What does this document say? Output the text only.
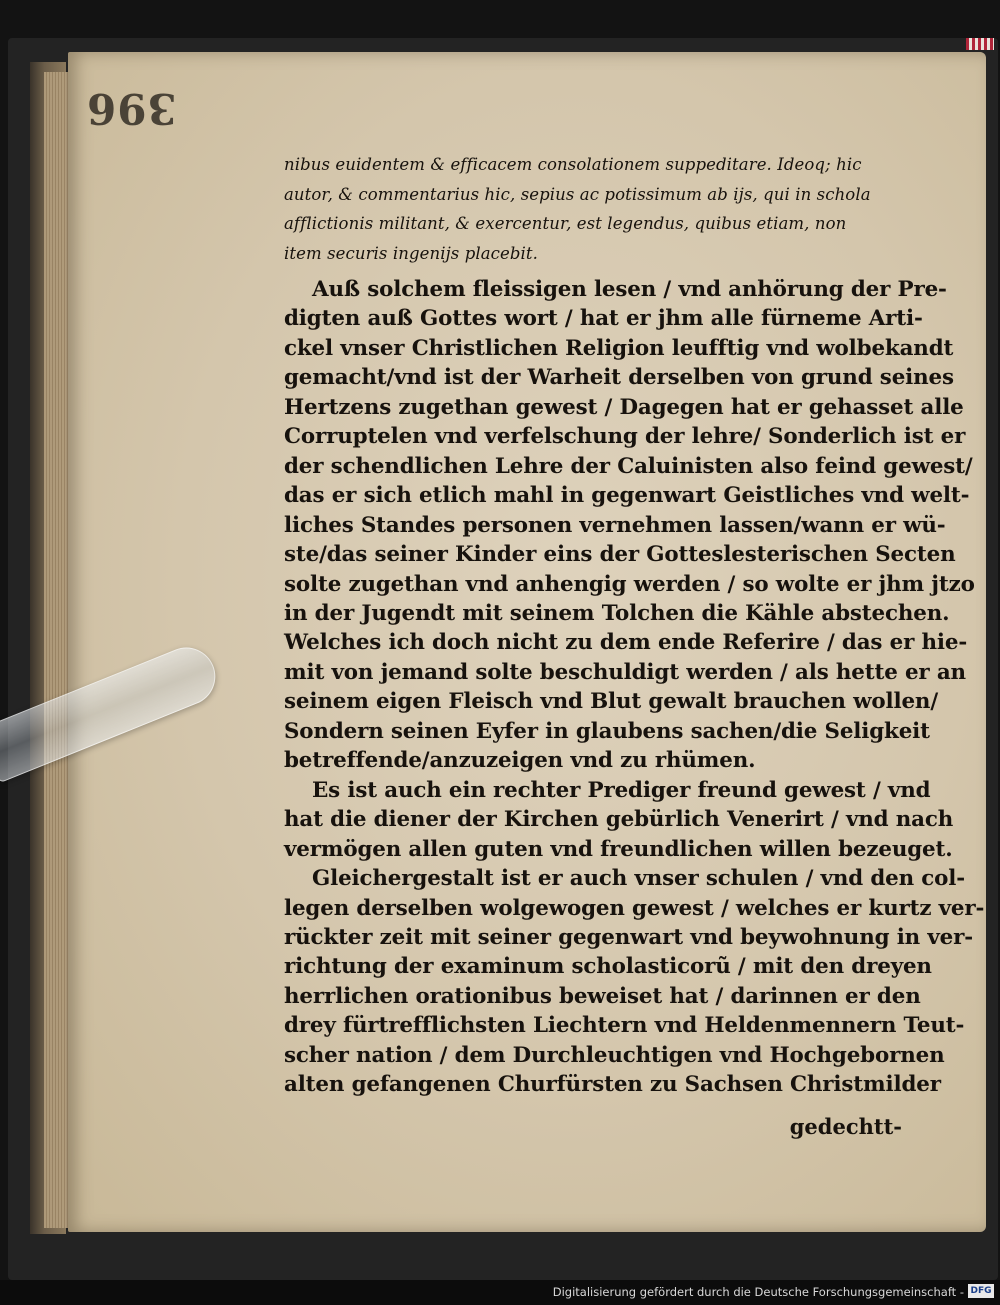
396
nibus euidentem & efficacem consolationem suppeditare. Ideoq; hic
autor, & commentarius hic, sepius ac potissimum ab ijs, qui in schola
afflictionis militant, & exercentur, est legendus, quibus etiam, non
item securis ingenijs placebit.
Auß solchem fleissigen lesen / vnd anhörung der Pre-
digten auß Gottes wort / hat er jhm alle fürneme Arti-
ckel vnser Christlichen Religion leufftig vnd wolbekandt
gemacht/vnd ist der Warheit derselben von grund seines
Hertzens zugethan gewest / Dagegen hat er gehasset alle
Corruptelen vnd verfelschung der lehre/ Sonderlich ist er
der schendlichen Lehre der Caluinisten also feind gewest/
das er sich etlich mahl in gegenwart Geistliches vnd welt-
liches Standes personen vernehmen lassen/wann er wü-
ste/das seiner Kinder eins der Gotteslesterischen Secten
solte zugethan vnd anhengig werden / so wolte er jhm jtzo
in der Jugendt mit seinem Tolchen die Kähle abstechen.
Welches ich doch nicht zu dem ende Referire / das er hie-
mit von jemand solte beschuldigt werden / als hette er an
seinem eigen Fleisch vnd Blut gewalt brauchen wollen/
Sondern seinen Eyfer in glaubens sachen/die Seligkeit
betreffende/anzuzeigen vnd zu rhümen.
Es ist auch ein rechter Prediger freund gewest / vnd
hat die diener der Kirchen gebürlich Venerirt / vnd nach
vermögen allen guten vnd freundlichen willen bezeuget.
Gleichergestalt ist er auch vnser schulen / vnd den col-
legen derselben wolgewogen gewest / welches er kurtz ver-
rückter zeit mit seiner gegenwart vnd beywohnung in ver-
richtung der examinum scholasticorũ / mit den dreyen
herrlichen orationibus beweiset hat / darinnen er den
drey fürtrefflichsten Liechtern vnd Heldenmennern Teut-
scher nation / dem Durchleuchtigen vnd Hochgebornen
alten gefangenen Churfürsten zu Sachsen Christmilder
gedechtt-
Digitalisierung gefördert durch die Deutsche Forschungsgemeinschaft - DFG
